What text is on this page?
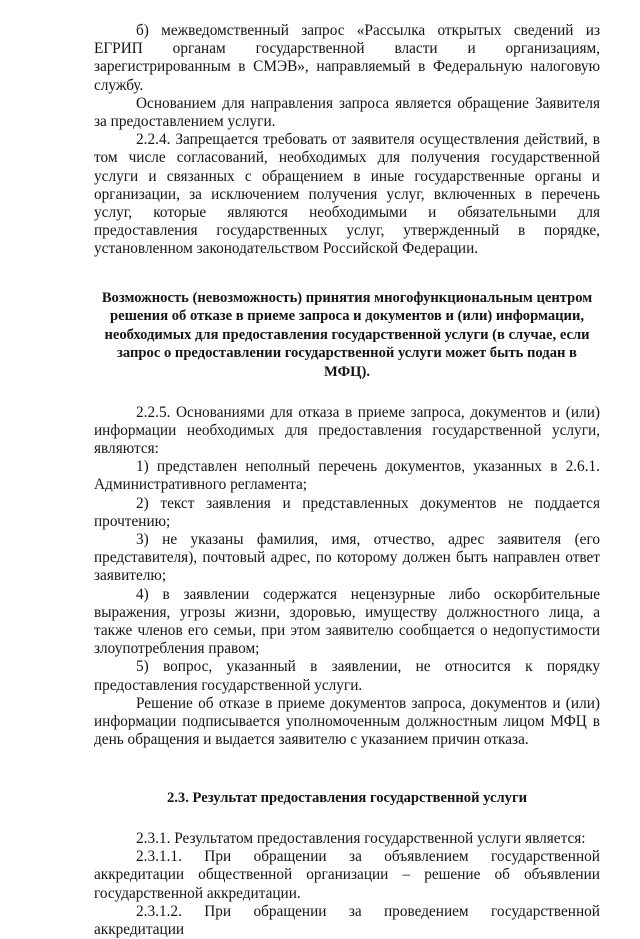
б) межведомственный запрос «Рассылка открытых сведений из ЕГРИП органам государственной власти и организациям, зарегистрированным в СМЭВ», направляемый в Федеральную налоговую службу.

Основанием для направления запроса является обращение Заявителя за предоставлением услуги.

2.2.4. Запрещается требовать от заявителя осуществления действий, в том числе согласований, необходимых для получения государственной услуги и связанных с обращением в иные государственные органы и организации, за исключением получения услуг, включенных в перечень услуг, которые являются необходимыми и обязательными для предоставления государственных услуг, утвержденный в порядке, установленном законодательством Российской Федерации.

Возможность (невозможность) принятия многофункциональным центром решения об отказе в приеме запроса и документов и (или) информации, необходимых для предоставления государственной услуги (в случае, если запрос о предоставлении государственной услуги может быть подан в МФЦ).

2.2.5. Основаниями для отказа в приеме запроса, документов и (или) информации необходимых для предоставления государственной услуги, являются:

1) представлен неполный перечень документов, указанных в 2.6.1. Административного регламента;

2) текст заявления и представленных документов не поддается прочтению;

3) не указаны фамилия, имя, отчество, адрес заявителя (его представителя), почтовый адрес, по которому должен быть направлен ответ заявителю;

4) в заявлении содержатся нецензурные либо оскорбительные выражения, угрозы жизни, здоровью, имуществу должностного лица, а также членов его семьи, при этом заявителю сообщается о недопустимости злоупотребления правом;

5) вопрос, указанный в заявлении, не относится к порядку предоставления государственной услуги.

Решение об отказе в приеме документов запроса, документов и (или) информации подписывается уполномоченным должностным лицом МФЦ в день обращения и выдается заявителю с указанием причин отказа.

2.3. Результат предоставления государственной услуги

2.3.1. Результатом предоставления государственной услуги является:

2.3.1.1. При обращении за объявлением государственной аккредитации общественной организации – решение об объявлении государственной аккредитации.

2.3.1.2. При обращении за проведением государственной аккредитации
